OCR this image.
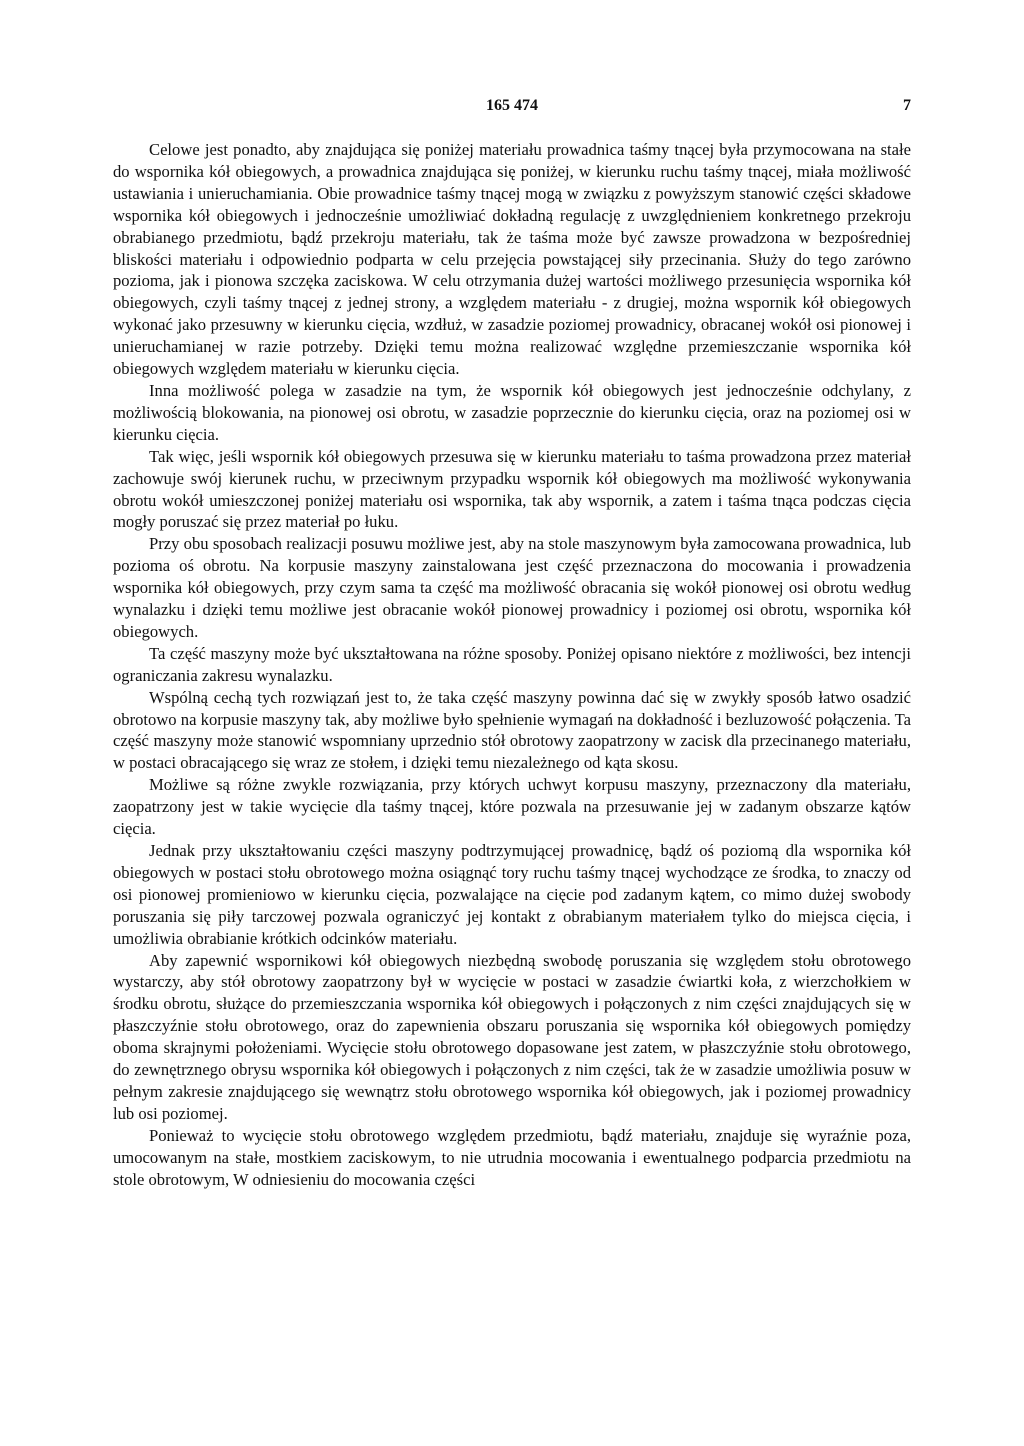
165 474	7

Celowe jest ponadto, aby znajdująca się poniżej materiału prowadnica taśmy tnącej była przymocowana na stałe do wspornika kół obiegowych, a prowadnica znajdująca się poniżej, w kierunku ruchu taśmy tnącej, miała możliwość ustawiania i unieruchamiania. Obie prowadnice taśmy tnącej mogą w związku z powyższym stanowić części składowe wspornika kół obiegowych i jednocześnie umożliwiać dokładną regulację z uwzględnieniem konkretnego przekroju obrabianego przedmiotu, bądź przekroju materiału, tak że taśma może być zawsze prowadzona w bezpośredniej bliskości materiału i odpowiednio podparta w celu przejęcia powstającej siły przecinania. Służy do tego zarówno pozioma, jak i pionowa szczęka zaciskowa. W celu otrzymania dużej wartości możliwego przesunięcia wspornika kół obiegowych, czyli taśmy tnącej z jednej strony, a względem materiału - z drugiej, można wspornik kół obiegowych wykonać jako przesuwny w kierunku cięcia, wzdłuż, w zasadzie poziomej prowadnicy, obracanej wokół osi pionowej i unieruchamianej w razie potrzeby. Dzięki temu można realizować względne przemieszczanie wspornika kół obiegowych względem materiału w kierunku cięcia.

Inna możliwość polega w zasadzie na tym, że wspornik kół obiegowych jest jednocześnie odchylany, z możliwością blokowania, na pionowej osi obrotu, w zasadzie poprzecznie do kierunku cięcia, oraz na poziomej osi w kierunku cięcia.

Tak więc, jeśli wspornik kół obiegowych przesuwa się w kierunku materiału to taśma prowadzona przez materiał zachowuje swój kierunek ruchu, w przeciwnym przypadku wspornik kół obiegowych ma możliwość wykonywania obrotu wokół umieszczonej poniżej materiału osi wspornika, tak aby wspornik, a zatem i taśma tnąca podczas cięcia mogły poruszać się przez materiał po łuku.

Przy obu sposobach realizacji posuwu możliwe jest, aby na stole maszynowym była zamocowana prowadnica, lub pozioma oś obrotu. Na korpusie maszyny zainstalowana jest część przeznaczona do mocowania i prowadzenia wspornika kół obiegowych, przy czym sama ta część ma możliwość obracania się wokół pionowej osi obrotu według wynalazku i dzięki temu możliwe jest obracanie wokół pionowej prowadnicy i poziomej osi obrotu, wspornika kół obiegowych.

Ta część maszyny może być ukształtowana na różne sposoby. Poniżej opisano niektóre z możliwości, bez intencji ograniczania zakresu wynalazku.

Wspólną cechą tych rozwiązań jest to, że taka część maszyny powinna dać się w zwykły sposób łatwo osadzić obrotowo na korpusie maszyny tak, aby możliwe było spełnienie wymagań na dokładność i bezluzowość połączenia. Ta część maszyny może stanowić wspomniany uprzednio stół obrotowy zaopatrzony w zacisk dla przecinanego materiału, w postaci obracającego się wraz ze stołem, i dzięki temu niezależnego od kąta skosu.

Możliwe są różne zwykle rozwiązania, przy których uchwyt korpusu maszyny, przeznaczony dla materiału, zaopatrzony jest w takie wycięcie dla taśmy tnącej, które pozwala na przesuwanie jej w zadanym obszarze kątów cięcia.

Jednak przy ukształtowaniu części maszyny podtrzymującej prowadnicę, bądź oś poziomą dla wspornika kół obiegowych w postaci stołu obrotowego można osiągnąć tory ruchu taśmy tnącej wychodzące ze środka, to znaczy od osi pionowej promieniowo w kierunku cięcia, pozwalające na cięcie pod zadanym kątem, co mimo dużej swobody poruszania się piły tarczowej pozwala ograniczyć jej kontakt z obrabianym materiałem tylko do miejsca cięcia, i umożliwia obrabianie krótkich odcinków materiału.

Aby zapewnić wspornikowi kół obiegowych niezbędną swobodę poruszania się względem stołu obrotowego wystarczy, aby stół obrotowy zaopatrzony był w wycięcie w postaci w zasadzie ćwiartki koła, z wierzchołkiem w środku obrotu, służące do przemieszczania wspornika kół obiegowych i połączonych z nim części znajdujących się w płaszczyźnie stołu obrotowego, oraz do zapewnienia obszaru poruszania się wspornika kół obiegowych pomiędzy oboma skrajnymi położeniami. Wycięcie stołu obrotowego dopasowane jest zatem, w płaszczyźnie stołu obrotowego, do zewnętrznego obrysu wspornika kół obiegowych i połączonych z nim części, tak że w zasadzie umożliwia posuw w pełnym zakresie znajdującego się wewnątrz stołu obrotowego wspornika kół obiegowych, jak i poziomej prowadnicy lub osi poziomej.

Ponieważ to wycięcie stołu obrotowego względem przedmiotu, bądź materiału, znajduje się wyraźnie poza, umocowanym na stałe, mostkiem zaciskowym, to nie utrudnia mocowania i ewentualnego podparcia przedmiotu na stole obrotowym, W odniesieniu do mocowania części
